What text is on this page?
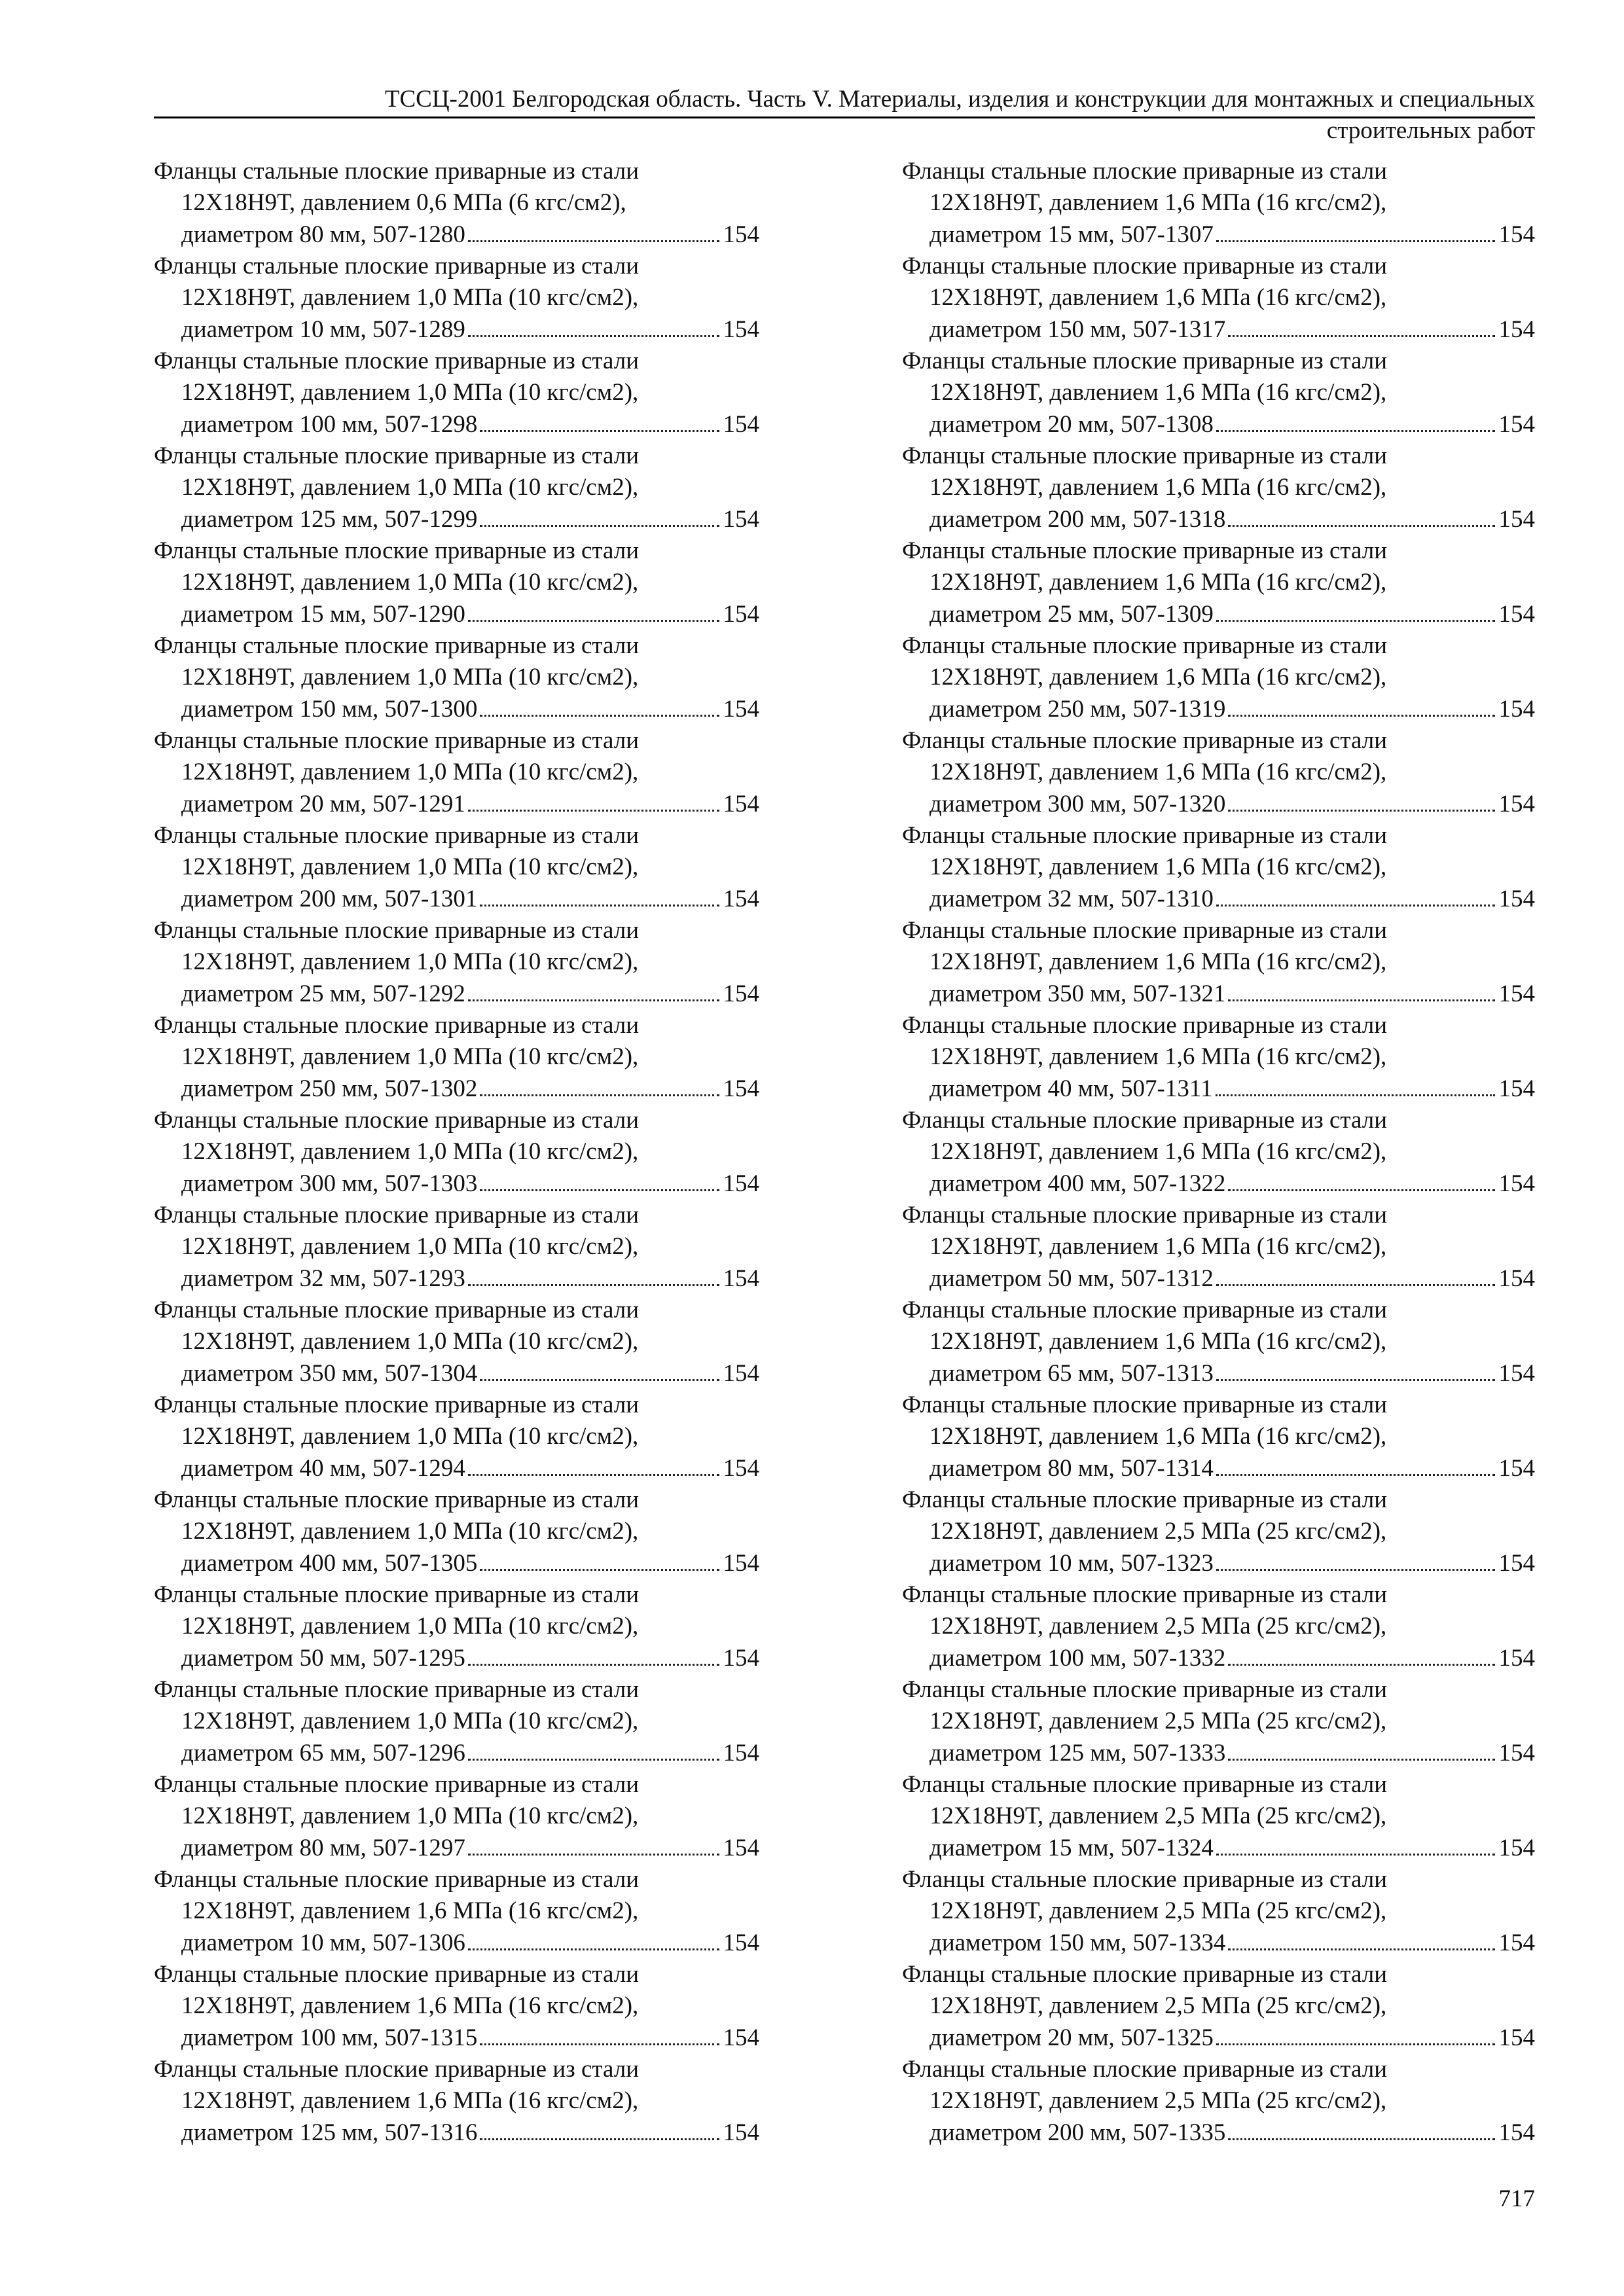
ТССЦ-2001 Белгородская область. Часть V. Материалы, изделия и конструкции для монтажных и специальных
строительных работ
Фланцы стальные плоские приварные из стали
12Х18Н9Т, давлением 0,6 МПа (6 кгс/см2),
диаметром 80 мм, 507-1280	154
Фланцы стальные плоские приварные из стали
12Х18Н9Т, давлением 1,0 МПа (10 кгс/см2),
диаметром 10 мм, 507-1289	154
Фланцы стальные плоские приварные из стали
12Х18Н9Т, давлением 1,0 МПа (10 кгс/см2),
диаметром 100 мм, 507-1298	154
Фланцы стальные плоские приварные из стали
12Х18Н9Т, давлением 1,0 МПа (10 кгс/см2),
диаметром 125 мм, 507-1299	154
Фланцы стальные плоские приварные из стали
12Х18Н9Т, давлением 1,0 МПа (10 кгс/см2),
диаметром 15 мм, 507-1290	154
Фланцы стальные плоские приварные из стали
12Х18Н9Т, давлением 1,0 МПа (10 кгс/см2),
диаметром 150 мм, 507-1300	154
Фланцы стальные плоские приварные из стали
12Х18Н9Т, давлением 1,0 МПа (10 кгс/см2),
диаметром 20 мм, 507-1291	154
Фланцы стальные плоские приварные из стали
12Х18Н9Т, давлением 1,0 МПа (10 кгс/см2),
диаметром 200 мм, 507-1301	154
Фланцы стальные плоские приварные из стали
12Х18Н9Т, давлением 1,0 МПа (10 кгс/см2),
диаметром 25 мм, 507-1292	154
Фланцы стальные плоские приварные из стали
12Х18Н9Т, давлением 1,0 МПа (10 кгс/см2),
диаметром 250 мм, 507-1302	154
Фланцы стальные плоские приварные из стали
12Х18Н9Т, давлением 1,0 МПа (10 кгс/см2),
диаметром 300 мм, 507-1303	154
Фланцы стальные плоские приварные из стали
12Х18Н9Т, давлением 1,0 МПа (10 кгс/см2),
диаметром 32 мм, 507-1293	154
Фланцы стальные плоские приварные из стали
12Х18Н9Т, давлением 1,0 МПа (10 кгс/см2),
диаметром 350 мм, 507-1304	154
Фланцы стальные плоские приварные из стали
12Х18Н9Т, давлением 1,0 МПа (10 кгс/см2),
диаметром 40 мм, 507-1294	154
Фланцы стальные плоские приварные из стали
12Х18Н9Т, давлением 1,0 МПа (10 кгс/см2),
диаметром 400 мм, 507-1305	154
Фланцы стальные плоские приварные из стали
12Х18Н9Т, давлением 1,0 МПа (10 кгс/см2),
диаметром 50 мм, 507-1295	154
Фланцы стальные плоские приварные из стали
12Х18Н9Т, давлением 1,0 МПа (10 кгс/см2),
диаметром 65 мм, 507-1296	154
Фланцы стальные плоские приварные из стали
12Х18Н9Т, давлением 1,0 МПа (10 кгс/см2),
диаметром 80 мм, 507-1297	154
Фланцы стальные плоские приварные из стали
12Х18Н9Т, давлением 1,6 МПа (16 кгс/см2),
диаметром 10 мм, 507-1306	154
Фланцы стальные плоские приварные из стали
12Х18Н9Т, давлением 1,6 МПа (16 кгс/см2),
диаметром 100 мм, 507-1315	154
Фланцы стальные плоские приварные из стали
12Х18Н9Т, давлением 1,6 МПа (16 кгс/см2),
диаметром 125 мм, 507-1316	154
Фланцы стальные плоские приварные из стали
12Х18Н9Т, давлением 1,6 МПа (16 кгс/см2),
диаметром 15 мм, 507-1307	154
Фланцы стальные плоские приварные из стали
12Х18Н9Т, давлением 1,6 МПа (16 кгс/см2),
диаметром 150 мм, 507-1317	154
Фланцы стальные плоские приварные из стали
12Х18Н9Т, давлением 1,6 МПа (16 кгс/см2),
диаметром 20 мм, 507-1308	154
Фланцы стальные плоские приварные из стали
12Х18Н9Т, давлением 1,6 МПа (16 кгс/см2),
диаметром 200 мм, 507-1318	154
Фланцы стальные плоские приварные из стали
12Х18Н9Т, давлением 1,6 МПа (16 кгс/см2),
диаметром 25 мм, 507-1309	154
Фланцы стальные плоские приварные из стали
12Х18Н9Т, давлением 1,6 МПа (16 кгс/см2),
диаметром 250 мм, 507-1319	154
Фланцы стальные плоские приварные из стали
12Х18Н9Т, давлением 1,6 МПа (16 кгс/см2),
диаметром 300 мм, 507-1320	154
Фланцы стальные плоские приварные из стали
12Х18Н9Т, давлением 1,6 МПа (16 кгс/см2),
диаметром 32 мм, 507-1310	154
Фланцы стальные плоские приварные из стали
12Х18Н9Т, давлением 1,6 МПа (16 кгс/см2),
диаметром 350 мм, 507-1321	154
Фланцы стальные плоские приварные из стали
12Х18Н9Т, давлением 1,6 МПа (16 кгс/см2),
диаметром 40 мм, 507-1311	154
Фланцы стальные плоские приварные из стали
12Х18Н9Т, давлением 1,6 МПа (16 кгс/см2),
диаметром 400 мм, 507-1322	154
Фланцы стальные плоские приварные из стали
12Х18Н9Т, давлением 1,6 МПа (16 кгс/см2),
диаметром 50 мм, 507-1312	154
Фланцы стальные плоские приварные из стали
12Х18Н9Т, давлением 1,6 МПа (16 кгс/см2),
диаметром 65 мм, 507-1313	154
Фланцы стальные плоские приварные из стали
12Х18Н9Т, давлением 1,6 МПа (16 кгс/см2),
диаметром 80 мм, 507-1314	154
Фланцы стальные плоские приварные из стали
12Х18Н9Т, давлением 2,5 МПа (25 кгс/см2),
диаметром 10 мм, 507-1323	154
Фланцы стальные плоские приварные из стали
12Х18Н9Т, давлением 2,5 МПа (25 кгс/см2),
диаметром 100 мм, 507-1332	154
Фланцы стальные плоские приварные из стали
12Х18Н9Т, давлением 2,5 МПа (25 кгс/см2),
диаметром 125 мм, 507-1333	154
Фланцы стальные плоские приварные из стали
12Х18Н9Т, давлением 2,5 МПа (25 кгс/см2),
диаметром 15 мм, 507-1324	154
Фланцы стальные плоские приварные из стали
12Х18Н9Т, давлением 2,5 МПа (25 кгс/см2),
диаметром 150 мм, 507-1334	154
Фланцы стальные плоские приварные из стали
12Х18Н9Т, давлением 2,5 МПа (25 кгс/см2),
диаметром 20 мм, 507-1325	154
Фланцы стальные плоские приварные из стали
12Х18Н9Т, давлением 2,5 МПа (25 кгс/см2),
диаметром 200 мм, 507-1335	154
717
